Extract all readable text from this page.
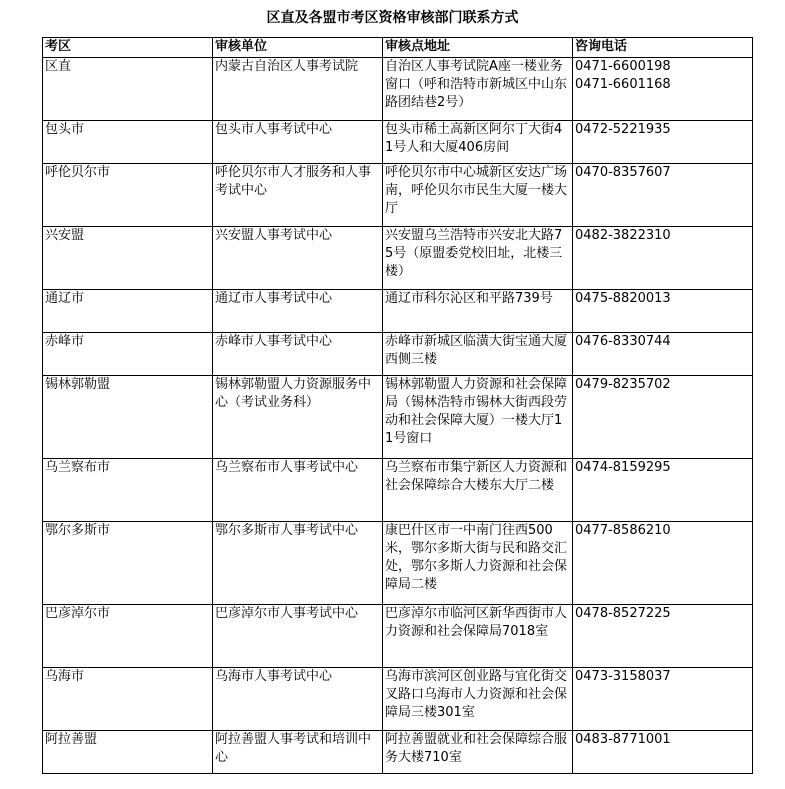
区直及各盟市考区资格审核部门联系方式
考区	审核单位	审核点地址	咨询电话
区直	内蒙古自治区人事考试院	自治区人事考试院A座一楼业务窗口（呼和浩特市新城区中山东路团结巷2号）	0471-6600198
0471-6601168

包头市	包头市人事考试中心	包头市稀土高新区阿尔丁大街41号人和大厦406房间	0472-5221935

呼伦贝尔市	呼伦贝尔市人才服务和人事考试中心	呼伦贝尔市中心城新区安达广场南，呼伦贝尔市民生大厦一楼大厅	0470-8357607

兴安盟	兴安盟人事考试中心	兴安盟乌兰浩特市兴安北大路75号（原盟委党校旧址，北楼三楼）	0482-3822310

通辽市	通辽市人事考试中心	通辽市科尔沁区和平路739号	0475-8820013

赤峰市	赤峰市人事考试中心	赤峰市新城区临潢大街宝通大厦西侧三楼	0476-8330744

锡林郭勒盟	锡林郭勒盟人力资源服务中心（考试业务科）	锡林郭勒盟人力资源和社会保障局（锡林浩特市锡林大街西段劳动和社会保障大厦）一楼大厅11号窗口	0479-8235702

乌兰察布市	乌兰察布市人事考试中心	乌兰察布市集宁新区人力资源和社会保障综合大楼东大厅二楼	0474-8159295

鄂尔多斯市	鄂尔多斯市人事考试中心	康巴什区市一中南门往西500米，鄂尔多斯大街与民和路交汇处，鄂尔多斯人力资源和社会保障局二楼	0477-8586210

巴彦淖尔市	巴彦淖尔市人事考试中心	巴彦淖尔市临河区新华西街市人力资源和社会保障局7018室	0478-8527225

乌海市	乌海市人事考试中心	乌海市滨河区创业路与宜化街交叉路口乌海市人力资源和社会保障局三楼301室	0473-3158037

阿拉善盟	阿拉善盟人事考试和培训中心	阿拉善盟就业和社会保障综合服务大楼710室	0483-8771001
